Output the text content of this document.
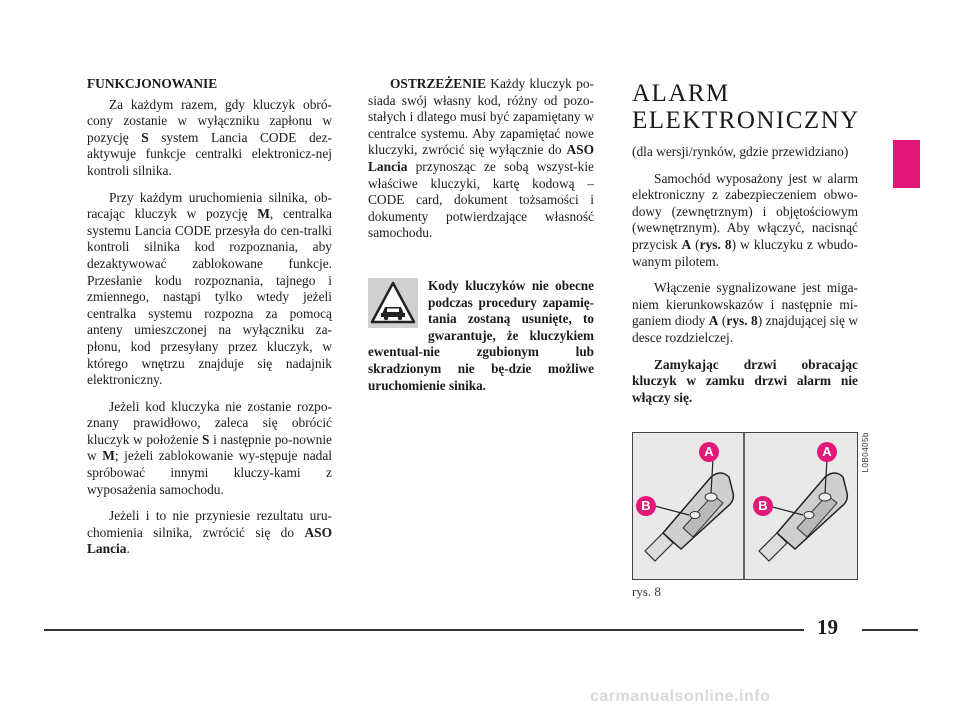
FUNKCJONOWANIE

Za każdym razem, gdy kluczyk obró-cony zostanie w wyłączniku zapłonu w pozycję S system Lancia CODE dez-aktywuje funkcje centralki elektronicz-nej kontroli silnika.

Przy każdym uruchomienia silnika, ob-racając kluczyk w pozycję M, centralka systemu Lancia CODE przesyła do cen-tralki kontroli silnika kod rozpoznania, aby dezaktywować zablokowane funkcje. Przesłanie kodu rozpoznania, tajnego i zmiennego, nastąpi tylko wtedy jeżeli centralka systemu rozpozna za pomocą anteny umieszczonej na wyłączniku za-płonu, kod przesyłany przez kluczyk, w którego wnętrzu znajduje się nadajnik elektroniczny.

Jeżeli kod kluczyka nie zostanie rozpo-znany prawidłowo, zaleca się obrócić kluczyk w położenie S i następnie po-nownie w M; jeżeli zablokowanie wy-stępuje nadal spróbować innymi kluczy-kami z wyposażenia samochodu.

Jeżeli i to nie przyniesie rezultatu uru-chomienia silnika, zwrócić się do ASO Lancia.

OSTRZEŻENIE Każdy kluczyk po-siada swój własny kod, różny od pozo-stałych i dlatego musi być zapamiętany w centralce systemu. Aby zapamiętać nowe kluczyki, zwrócić się wyłącznie do ASO Lancia przynosząc ze sobą wszyst-kie właściwe kluczyki, kartę kodową – CODE card, dokument tożsamości i dokumenty potwierdzające własność samochodu.

Kody kluczyków nie obecne podczas procedury zapamię-tania zostaną usunięte, to gwarantuje, że kluczykiem ewentual-nie zgubionym lub skradzionym nie bę-dzie możliwe uruchomienie sinika.
ALARM
ELEKTRONICZNY

(dla wersji/rynków, gdzie przewidziano)

Samochód wyposażony jest w alarm elektroniczny z zabezpieczeniem obwo-dowy (zewnętrznym) i objętościowym (wewnętrznym). Aby włączyć, nacisnąć przycisk A (rys. 8) w kluczyku z wbudo-wanym pilotem.

Włączenie sygnalizowane jest miga-niem kierunkowskazów i następnie mi-ganiem diody A (rys. 8) znajdującej się w desce rozdzielczej.

Zamykając drzwi obracając kluczyk w zamku drzwi alarm nie włączy się.

A
B
A
B
L0B0405b
rys. 8
19
carmanualsonline.info
